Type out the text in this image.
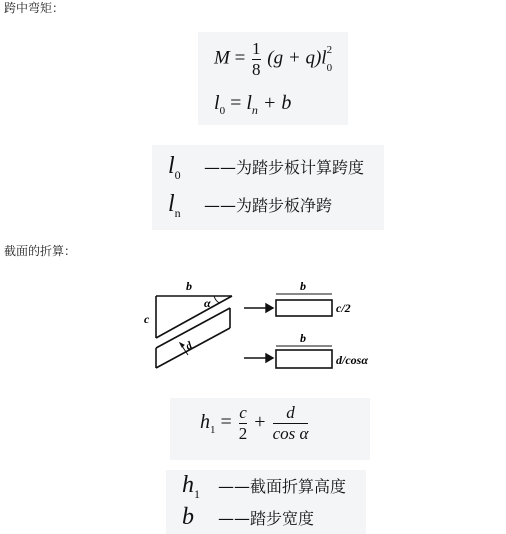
跨中弯矩：
$M = \frac{1}{8} (g + q)l$ 2
0
$l_0 = l_n + b$
$l_0$	——为踏步板计算跨度
$l_n$	——为踏步板净跨
截面的折算：
b
α
c
d
b
c/2
b
d/cosα
$h_1 = \frac{c}{2} + \frac{d}{\text{cos α}}$
$h_1$	——截面折算高度
b	——踏步宽度
